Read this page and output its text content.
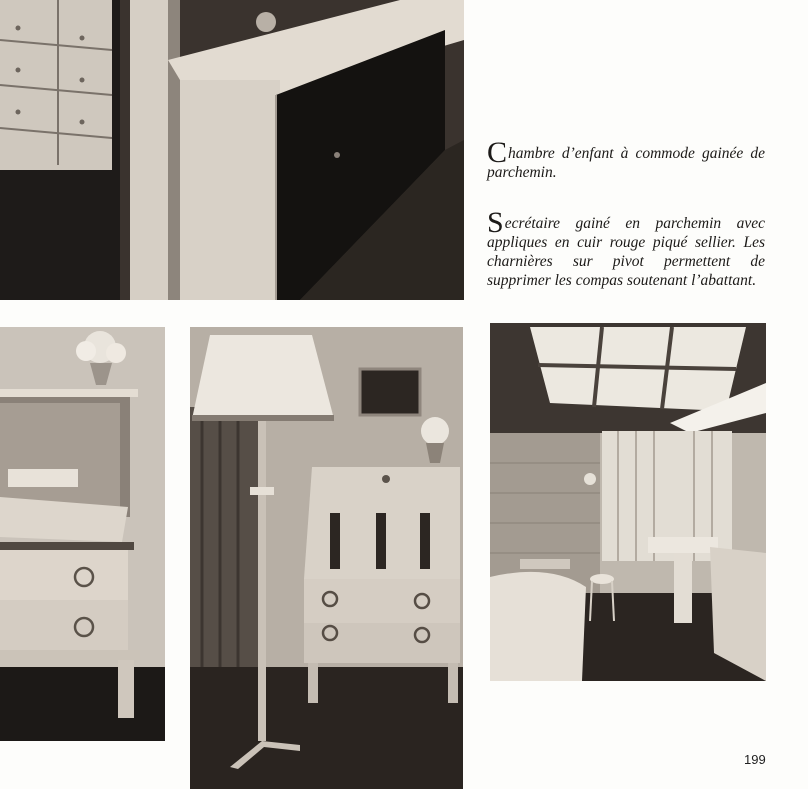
Chambre d’enfant à commode gainée de parchemin.
Secrétaire gainé en parchemin avec appliques en cuir rouge piqué sellier. Les charnières sur pivot permettent de supprimer les compas soutenant l’abattant.
199
